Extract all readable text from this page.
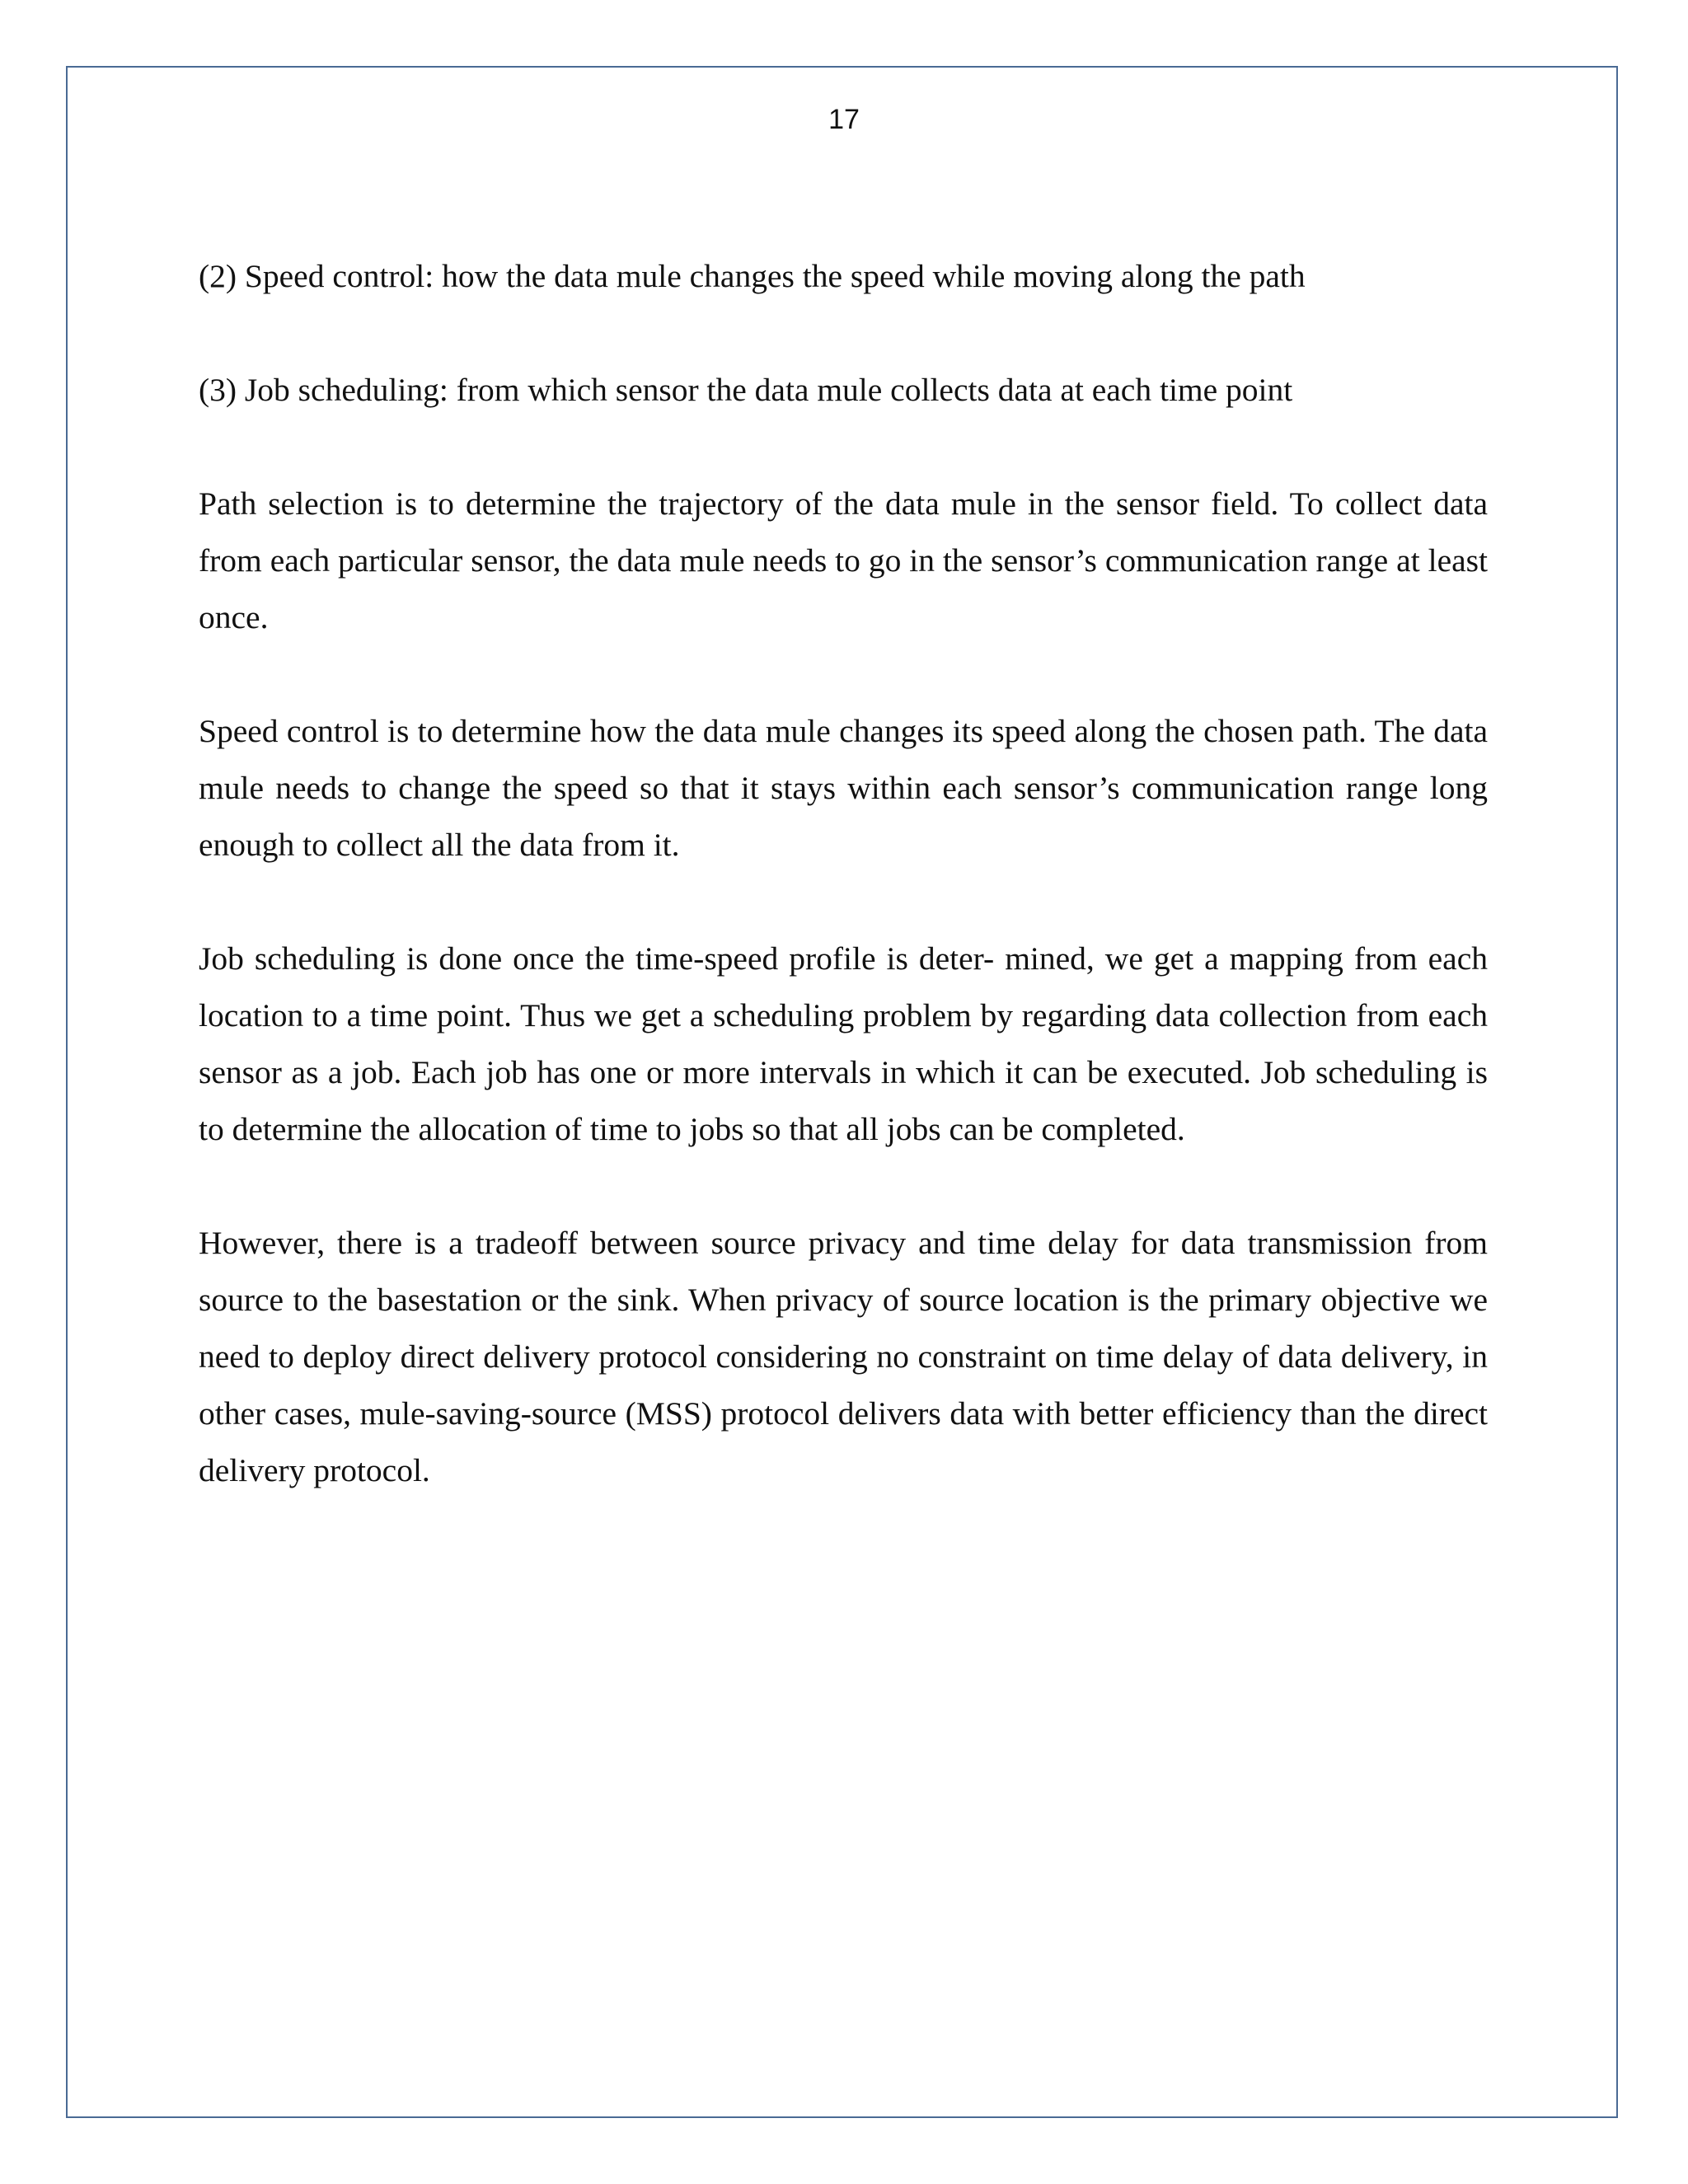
17

(2) Speed control: how the data mule changes the speed while moving along the path

(3) Job scheduling: from which sensor the data mule collects data at each time point

Path selection is to determine the trajectory of the data mule in the sensor field. To collect data from each particular sensor, the data mule needs to go in the sensor’s communication range at least once.

Speed control is to determine how the data mule changes its speed along the chosen path. The data mule needs to change the speed so that it stays within each sensor’s communication range long enough to collect all the data from it.

Job scheduling is done once the time-speed profile is deter- mined, we get a mapping from each location to a time point. Thus we get a scheduling problem by regarding data collection from each sensor as a job. Each job has one or more intervals in which it can be executed. Job scheduling is to determine the allocation of time to jobs so that all jobs can be completed.

However, there is a tradeoff between source privacy and time delay for data transmission from source to the basestation or the sink. When privacy of source location is the primary objective we need to deploy direct delivery protocol considering no constraint on time delay of data delivery, in other cases, mule-saving-source (MSS) protocol delivers data with better efficiency than the direct delivery protocol.
